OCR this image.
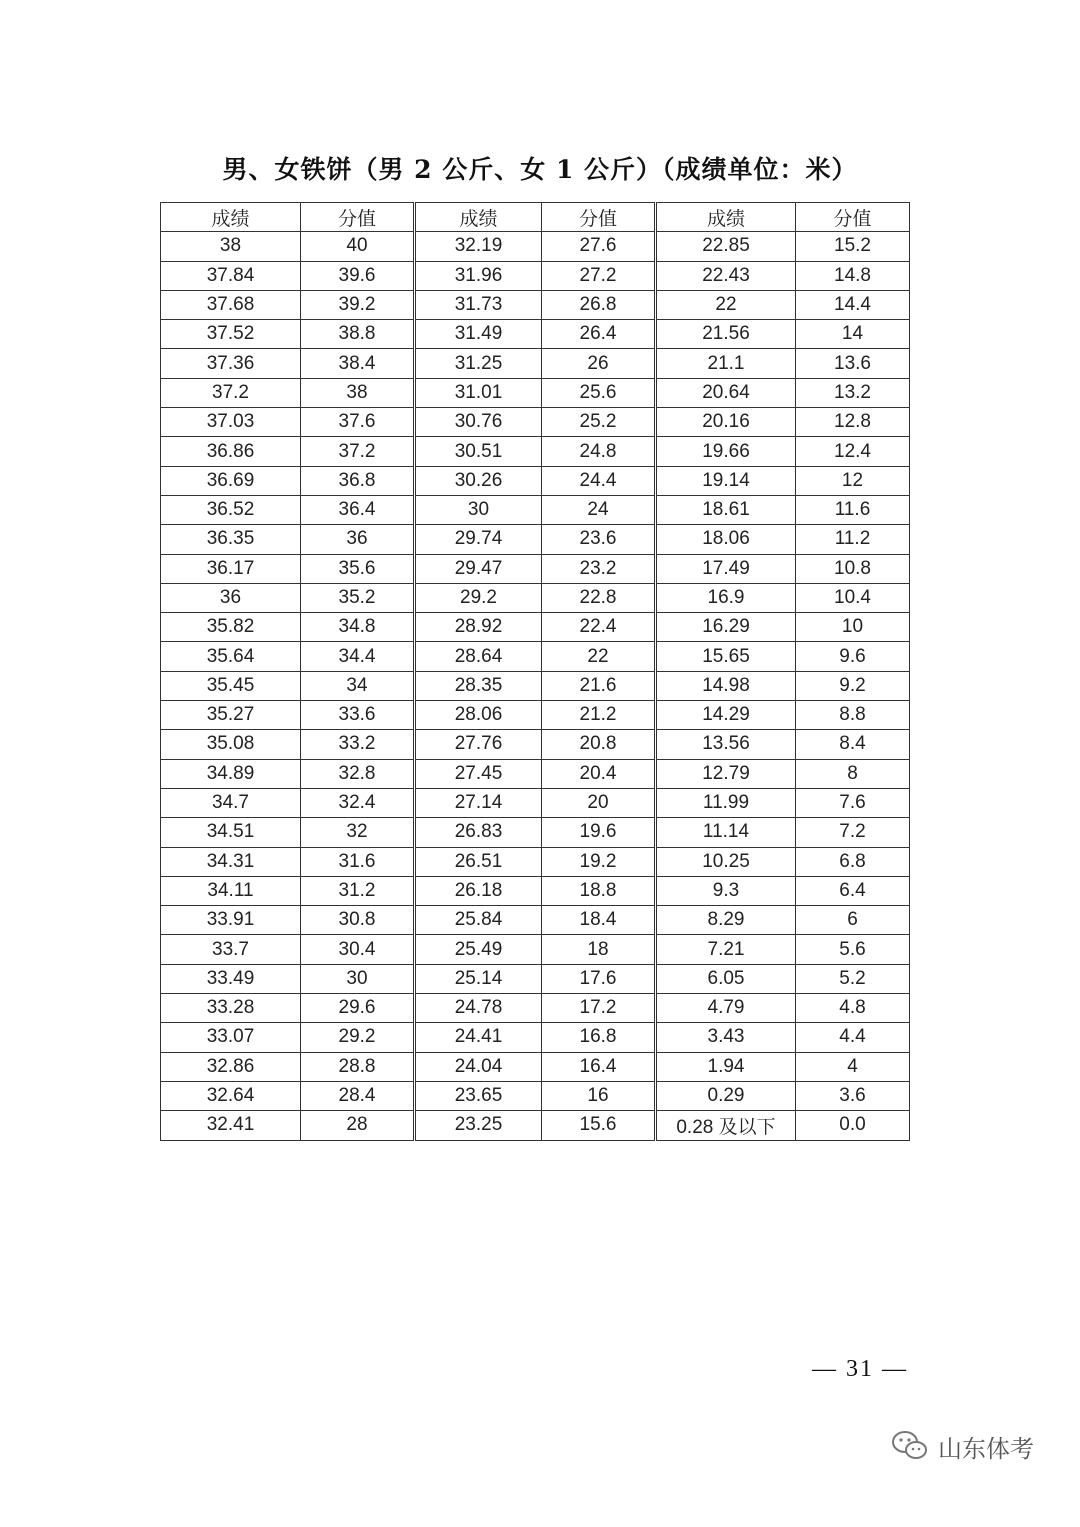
男、女铁饼（男 2 公斤、女 1 公斤）（成绩单位：米）
成绩	分值	成绩	分值	成绩	分值
38	40	32.19	27.6	22.85	15.2
37.84	39.6	31.96	27.2	22.43	14.8
37.68	39.2	31.73	26.8	22	14.4
37.52	38.8	31.49	26.4	21.56	14
37.36	38.4	31.25	26	21.1	13.6
37.2	38	31.01	25.6	20.64	13.2
37.03	37.6	30.76	25.2	20.16	12.8
36.86	37.2	30.51	24.8	19.66	12.4
36.69	36.8	30.26	24.4	19.14	12
36.52	36.4	30	24	18.61	11.6
36.35	36	29.74	23.6	18.06	11.2
36.17	35.6	29.47	23.2	17.49	10.8
36	35.2	29.2	22.8	16.9	10.4
35.82	34.8	28.92	22.4	16.29	10
35.64	34.4	28.64	22	15.65	9.6
35.45	34	28.35	21.6	14.98	9.2
35.27	33.6	28.06	21.2	14.29	8.8
35.08	33.2	27.76	20.8	13.56	8.4
34.89	32.8	27.45	20.4	12.79	8
34.7	32.4	27.14	20	11.99	7.6
34.51	32	26.83	19.6	11.14	7.2
34.31	31.6	26.51	19.2	10.25	6.8
34.11	31.2	26.18	18.8	9.3	6.4
33.91	30.8	25.84	18.4	8.29	6
33.7	30.4	25.49	18	7.21	5.6
33.49	30	25.14	17.6	6.05	5.2
33.28	29.6	24.78	17.2	4.79	4.8
33.07	29.2	24.41	16.8	3.43	4.4
32.86	28.8	24.04	16.4	1.94	4
32.64	28.4	23.65	16	0.29	3.6
32.41	28	23.25	15.6	0.28 及以下	0.0
— 31 —
山东体考
